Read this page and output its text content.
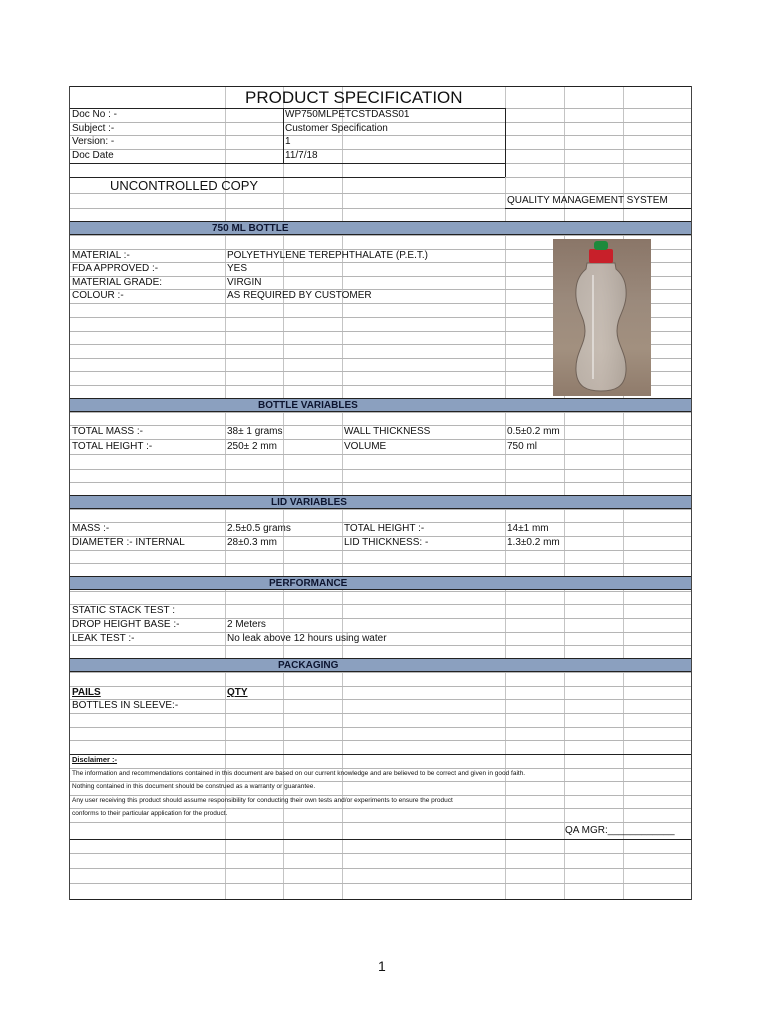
750 ML BOTTLE
BOTTLE VARIABLES
LID VARIABLES
PERFORMANCE
PACKAGING
PRODUCT SPECIFICATION
Doc No : -	WP750MLPETCSTDASS01
Subject :-	Customer Specification
Version: -	1
Doc Date	11/7/18
UNCONTROLLED COPY
QUALITY MANAGEMENT SYSTEM
MATERIAL :-	POLYETHYLENE TEREPHTHALATE (P.E.T.)
FDA APPROVED :-	YES
MATERIAL GRADE:	VIRGIN
COLOUR :-	AS REQUIRED BY CUSTOMER
TOTAL MASS :-	38± 1 grams	WALL THICKNESS	0.5±0.2 mm
TOTAL HEIGHT :-	250± 2 mm	VOLUME	750 ml
MASS :-	2.5±0.5 grams	TOTAL HEIGHT :-	14±1 mm
DIAMETER :- INTERNAL	28±0.3 mm	LID THICKNESS: -	1.3±0.2 mm
STATIC STACK TEST :
DROP HEIGHT BASE :-	2 Meters
LEAK TEST :-	No leak above 12 hours using water
PAILS	QTY
BOTTLES IN SLEEVE:-
Disclaimer :-
The information and recommendations contained in this document are based on our current knowledge and are believed to be correct and given in good faith.
Nothing contained in this document should be construed as a warranty or guarantee.
Any user receiving this product should assume responsibility for conducting their own tests and/or experiments to ensure the product
conforms to their particular application for the product.
QA MGR:____________
1
